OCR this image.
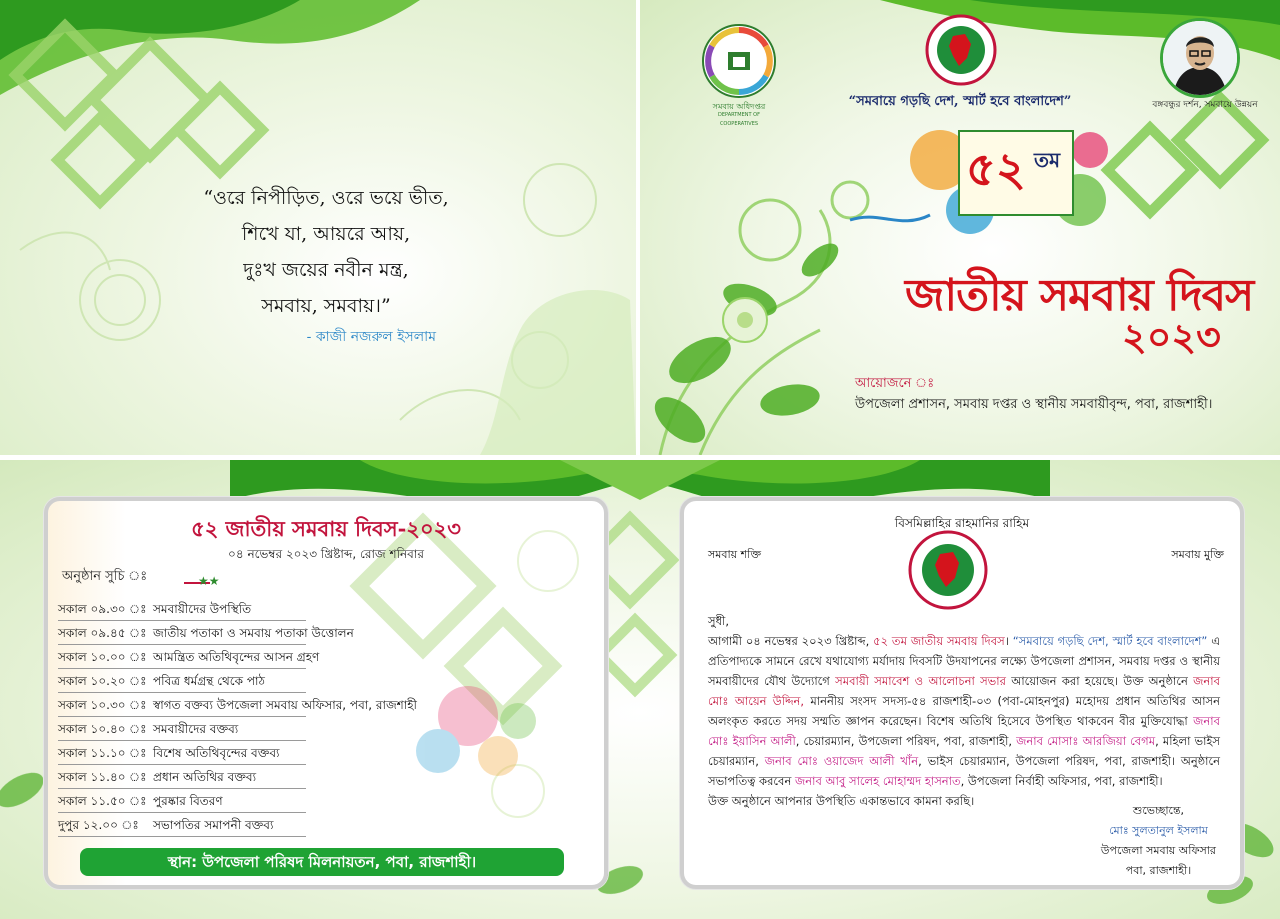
“ওরে নিপীড়িত, ওরে ভয়ে ভীত,
শিখে যা, আয়রে আয়,
দুঃখ জয়ের নবীন মন্ত্র,
সমবায়, সমবায়।”
- কাজী নজরুল ইসলাম
সমবায় অধিদপ্তর
DEPARTMENT OF COOPERATIVES
বঙ্গবন্ধুর দর্শন, সমবায়ে উন্নয়ন
“সমবায়ে গড়ছি দেশ, স্মার্ট হবে বাংলাদেশ”
৫২ তম
জাতীয় সমবায় দিবস
২০২৩
আয়োজনে ঃ
উপজেলা প্রশাসন, সমবায় দপ্তর ও স্থানীয় সমবায়ীবৃন্দ, পবা, রাজশাহী।
৫২ জাতীয় সমবায় দিবস-২০২৩
০৪ নভেম্বর ২০২৩ খ্রিষ্টাব্দ, রোজ শনিবার
অনুষ্ঠান সুচি ঃ	★★
সকাল ০৯.৩০ ঃ সমবায়ীদের উপস্থিতি
সকাল ০৯.৪৫ ঃ জাতীয় পতাকা ও সমবায় পতাকা উত্তোলন
সকাল ১০.০০ ঃ আমন্ত্রিত অতিথিবৃন্দের আসন গ্রহণ
সকাল ১০.২০ ঃ পবিত্র ধর্মগ্রন্থ থেকে পাঠ
সকাল ১০.৩০ ঃ স্বাগত বক্তব্য উপজেলা সমবায় অফিসার, পবা, রাজশাহী
সকাল ১০.৪০ ঃ সমবায়ীদের বক্তব্য
সকাল ১১.১০ ঃ বিশেষ অতিথিবৃন্দের বক্তব্য
সকাল ১১.৪০ ঃ প্রধান অতিথির বক্তব্য
সকাল ১১.৫০ ঃ পুরষ্কার বিতরণ
দুপুর ১২.০০ ঃ সভাপতির সমাপনী বক্তব্য
স্থান: উপজেলা পরিষদ মিলনায়তন, পবা, রাজশাহী।
বিসমিল্লাহির রাহমানির রাহিম
সমবায় শক্তি	সমবায় মুক্তি
সুধী,
আগামী ০৪ নভেম্বর ২০২৩ খ্রিষ্টাব্দ, ৫২ তম জাতীয় সমবায় দিবস। “সমবায়ে গড়ছি দেশ, স্মার্ট হবে বাংলাদেশ” এ প্রতিপাদ্যকে সামনে রেখে যথাযোগ্য মর্যাদায় দিবসটি উদযাপনের লক্ষ্যে উপজেলা প্রশাসন, সমবায় দপ্তর ও স্থানীয় সমবায়ীদের যৌথ উদ্যোগে সমবায়ী সমাবেশ ও আলোচনা সভার আয়োজন করা হয়েছে। উক্ত অনুষ্ঠানে জনাব মোঃ আয়েন উদ্দিন, মাননীয় সংসদ সদস্য-৫৪ রাজশাহী-০৩ (পবা-মোহনপুর) মহোদয় প্রধান অতিথির আসন অলংকৃত করতে সদয় সম্মতি জ্ঞাপন করেছেন। বিশেষ অতিথি হিসেবে উপস্থিত থাকবেন বীর মুক্তিযোদ্ধা জনাব মোঃ ইয়াসিন আলী, চেয়ারম্যান, উপজেলা পরিষদ, পবা, রাজশাহী, জনাব মোসাঃ আরজিয়া বেগম, মহিলা ভাইস চেয়ারম্যান, জনাব মোঃ ওয়াজেদ আলী খাঁন, ভাইস চেয়ারম্যান, উপজেলা পরিষদ, পবা, রাজশাহী। অনুষ্ঠানে সভাপতিত্ব করবেন জনাব আবু সালেহ মোহাম্মদ হাসনাত, উপজেলা নির্বাহী অফিসার, পবা, রাজশাহী।
উক্ত অনুষ্ঠানে আপনার উপস্থিতি একান্তভাবে কামনা করছি।
শুভেচ্ছান্তে,
মোঃ সুলতানুল ইসলাম
উপজেলা সমবায় অফিসার
পবা, রাজশাহী।
